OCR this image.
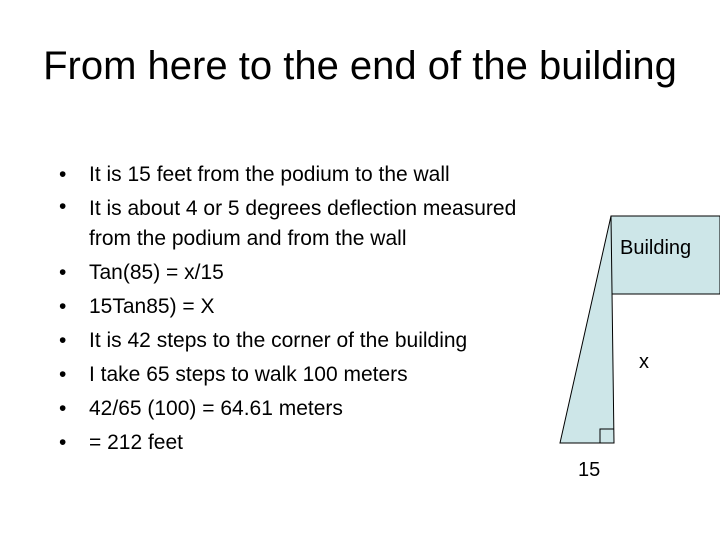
From here to the end of the building
• It is 15 feet from the podium to the wall
• It is about 4 or 5 degrees deflection measured from the podium and from the wall
• Tan(85) = x/15
• 15Tan85) = X
• It is 42 steps to the corner of the building
• I take 65 steps to walk 100 meters
• 42/65 (100) = 64.61 meters
• = 212 feet
Building
x
15
